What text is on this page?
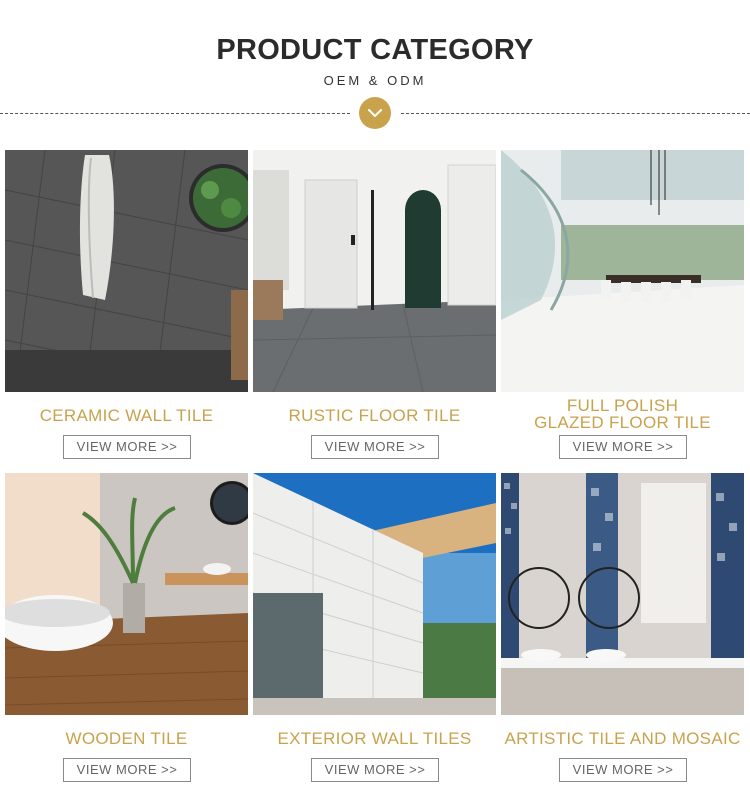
PRODUCT CATEGORY
OEM & ODM
CERAMIC WALL TILE
VIEW MORE >>
RUSTIC FLOOR TILE
VIEW MORE >>
FULL POLISH
GLAZED FLOOR TILE
VIEW MORE >>
WOODEN TILE
VIEW MORE >>
EXTERIOR WALL TILES
VIEW MORE >>
ARTISTIC TILE AND MOSAIC
VIEW MORE >>
